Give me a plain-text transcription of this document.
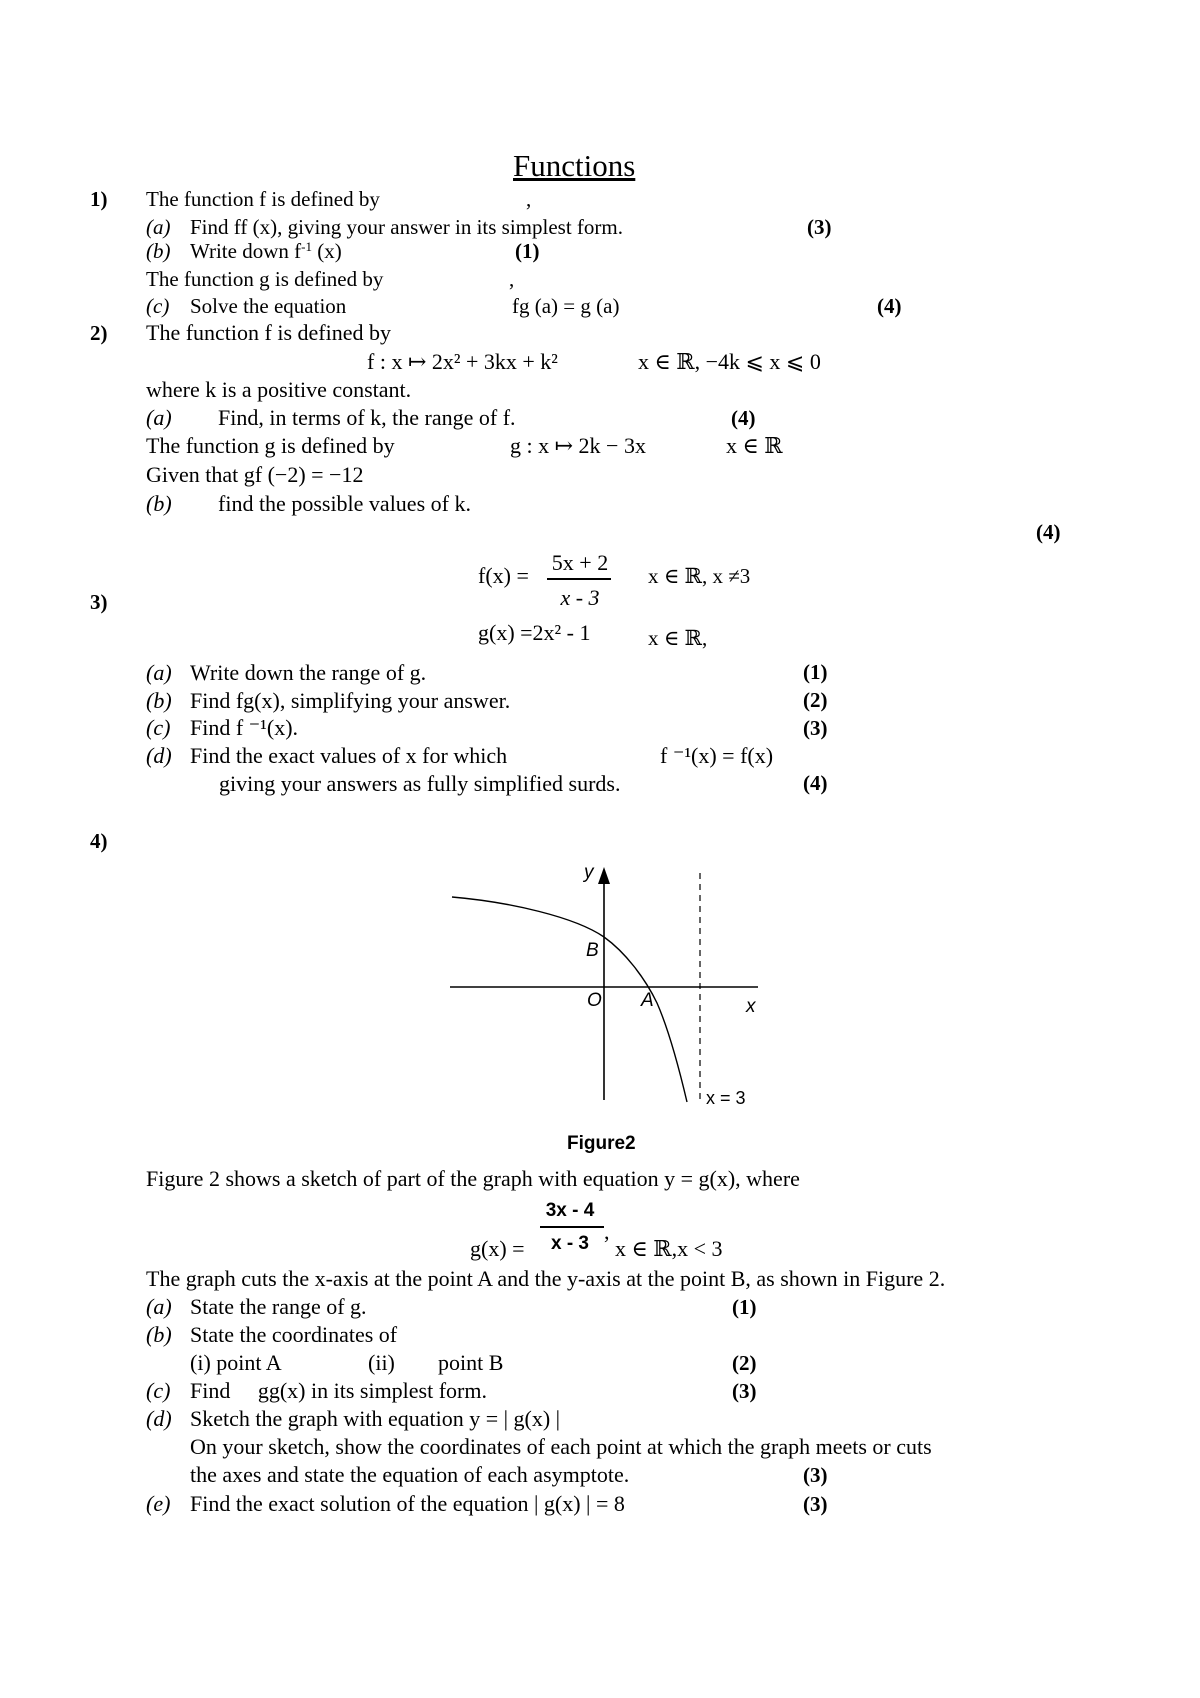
Functions
1) The function f is defined by	,
(a) Find ff (x), giving your answer in its simplest form.	(3)
(b) Write down $f^{-1}$ (x)	(1)
The function g is defined by	,
(c) Solve the equation	fg (a) = g (a)	(4)
2) The function f is defined by
f : x ↦ 2x² + 3kx + k²	x ∈ ℝ, −4k ⩽ x ⩽ 0
where k is a positive constant.
(a) Find, in terms of k, the range of f.	(4)
The function g is defined by	g : x ↦ 2k − 3x	x ∈ ℝ
Given that gf (−2) = −12
(b) find the possible values of k.
(4)
3)
f(x) =
5x + 2
x - 3
x ∈ ℝ, x ≠3
g(x) =2x² - 1	x ∈ ℝ,
(a) Write down the range of g.	(1)
(b) Find fg(x), simplifying your answer.	(2)
(c) Find f ⁻¹(x).	(3)
(d) Find the exact values of x for which	f ⁻¹(x) = f(x)
giving your answers as fully simplified surds.	(4)
4)
y
x
O A
B
x = 3
Figure2
Figure 2 shows a sketch of part of the graph with equation y = g(x), where
3x - 4
x - 3
g(x) =
,
x ∈ ℝ,x < 3
The graph cuts the x-axis at the point A and the y-axis at the point B, as shown in Figure 2.
(a) State the range of g.	(1)
(b) State the coordinates of
(i) point A	(ii) point B	(2)
(c) Find     gg(x) in its simplest form.	(3)
(d) Sketch the graph with equation y = | g(x) |
On your sketch, show the coordinates of each point at which the graph meets or cuts
the axes and state the equation of each asymptote.	(3)
(e) Find the exact solution of the equation | g(x) | = 8	(3)
